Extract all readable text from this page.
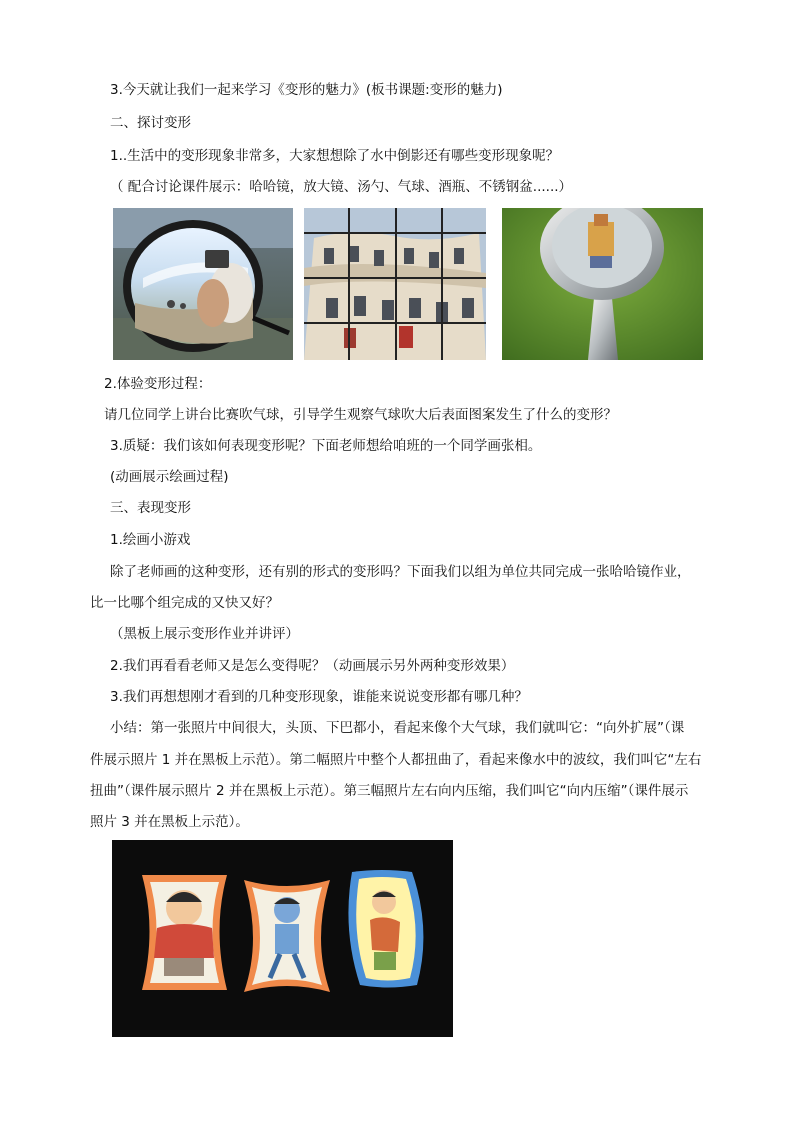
3.今天就让我们一起来学习《变形的魅力》(板书课题:变形的魅力)
二、探讨变形
1..生活中的变形现象非常多，大家想想除了水中倒影还有哪些变形现象呢？
（ 配合讨论课件展示：哈哈镜，放大镜、汤勺、气球、酒瓶、不锈钢盆......）
2.体验变形过程：
请几位同学上讲台比赛吹气球，引导学生观察气球吹大后表面图案发生了什么的变形？
3.质疑：我们该如何表现变形呢？下面老师想给咱班的一个同学画张相。
(动画展示绘画过程)
三、表现变形
1.绘画小游戏
除了老师画的这种变形，还有别的形式的变形吗？下面我们以组为单位共同完成一张哈哈镜作业，
比一比哪个组完成的又快又好？
（黑板上展示变形作业并讲评）
2.我们再看看老师又是怎么变得呢？（动画展示另外两种变形效果）
3.我们再想想刚才看到的几种变形现象，谁能来说说变形都有哪几种？
小结：第一张照片中间很大，头顶、下巴都小，看起来像个大气球，我们就叫它：“向外扩展”（课
件展示照片 1 并在黑板上示范）。第二幅照片中整个人都扭曲了，看起来像水中的波纹，我们叫它“左右
扭曲”（课件展示照片 2 并在黑板上示范）。第三幅照片左右向内压缩，我们叫它“向内压缩”（课件展示
照片 3 并在黑板上示范）。
